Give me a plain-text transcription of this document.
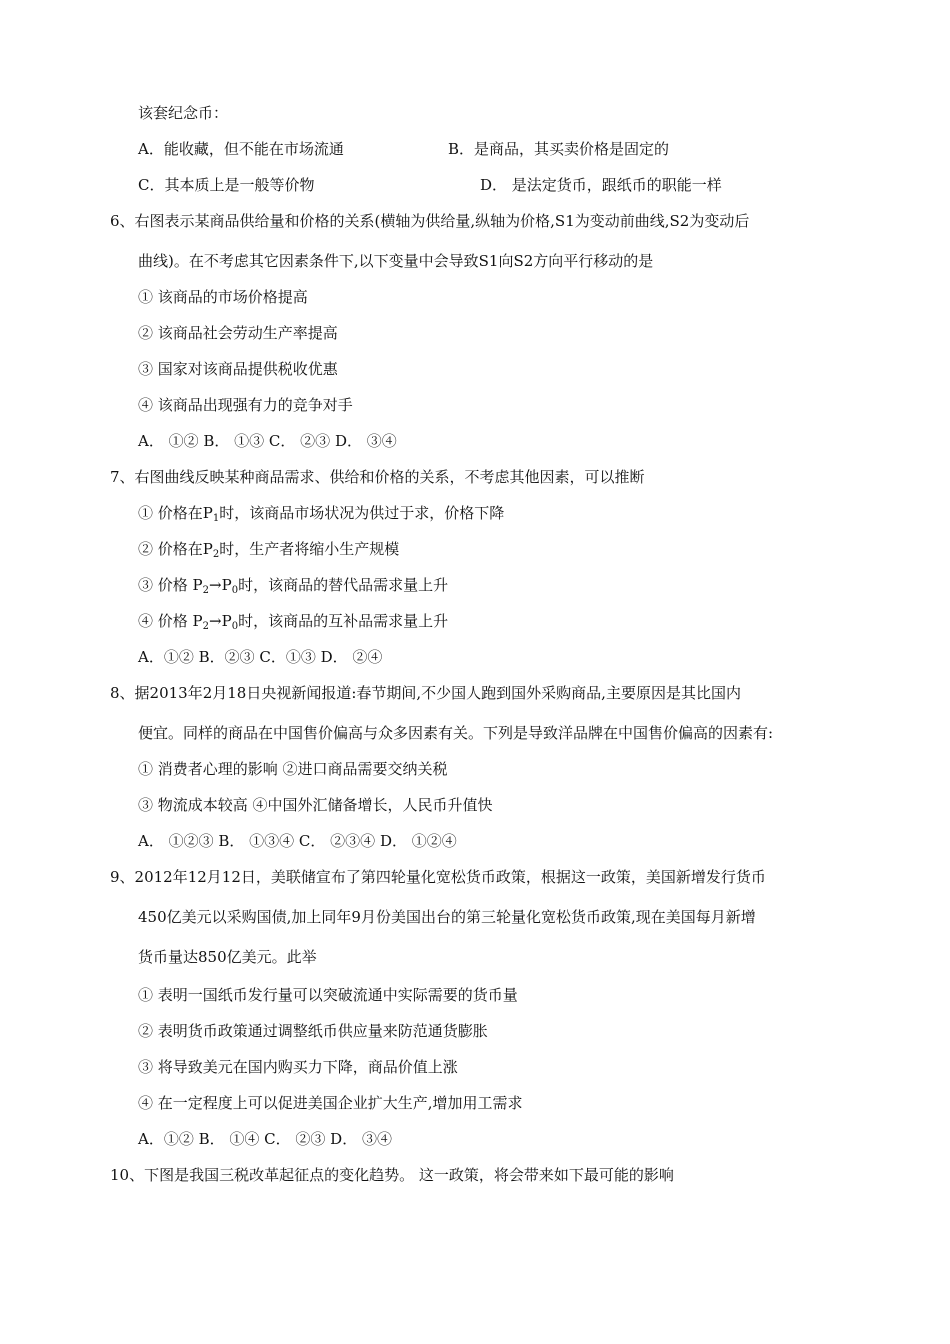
该套纪念币：
A．能收藏，但不能在市场流通	B．是商品，其买卖价格是固定的
C．其本质上是一般等价物	D． 是法定货币，跟纸币的职能一样
6、右图表示某商品供给量和价格的关系(横轴为供给量,纵轴为价格,S1为变动前曲线,S2为变动后
曲线)。在不考虑其它因素条件下,以下变量中会导致S1向S2方向平行移动的是
① 该商品的市场价格提高
② 该商品社会劳动生产率提高
③ 国家对该商品提供税收优惠
④ 该商品出现强有力的竞争对手
A． ①② B． ①③ C． ②③ D． ③④
7、右图曲线反映某种商品需求、供给和价格的关系，不考虑其他因素，可以推断
① 价格在$P_1$时，该商品市场状况为供过于求，价格下降
② 价格在$P_2$时，生产者将缩小生产规模
③ 价格 $P_2\to P_0$时，该商品的替代品需求量上升
④ 价格 $P_2\to P_0$时，该商品的互补品需求量上升
A．①② B．②③ C．①③ D． ②④
8、据2013年2月18日央视新闻报道:春节期间,不少国人跑到国外采购商品,主要原因是其比国内
便宜。同样的商品在中国售价偏高与众多因素有关。下列是导致洋品牌在中国售价偏高的因素有:
① 消费者心理的影响 ②进口商品需要交纳关税
③ 物流成本较高 ④中国外汇储备增长，人民币升值快
A． ①②③ B． ①③④ C． ②③④ D． ①②④
9、2012年12月12日，美联储宣布了第四轮量化宽松货币政策，根据这一政策，美国新增发行货币
450亿美元以采购国债,加上同年9月份美国出台的第三轮量化宽松货币政策,现在美国每月新增
货币量达850亿美元。此举
① 表明一国纸币发行量可以突破流通中实际需要的货币量
② 表明货币政策通过调整纸币供应量来防范通货膨胀
③ 将导致美元在国内购买力下降，商品价值上涨
④ 在一定程度上可以促进美国企业扩大生产,增加用工需求
A．①② B． ①④ C． ②③ D． ③④
10、下图是我国三税改革起征点的变化趋势。 这一政策，将会带来如下最可能的影响
